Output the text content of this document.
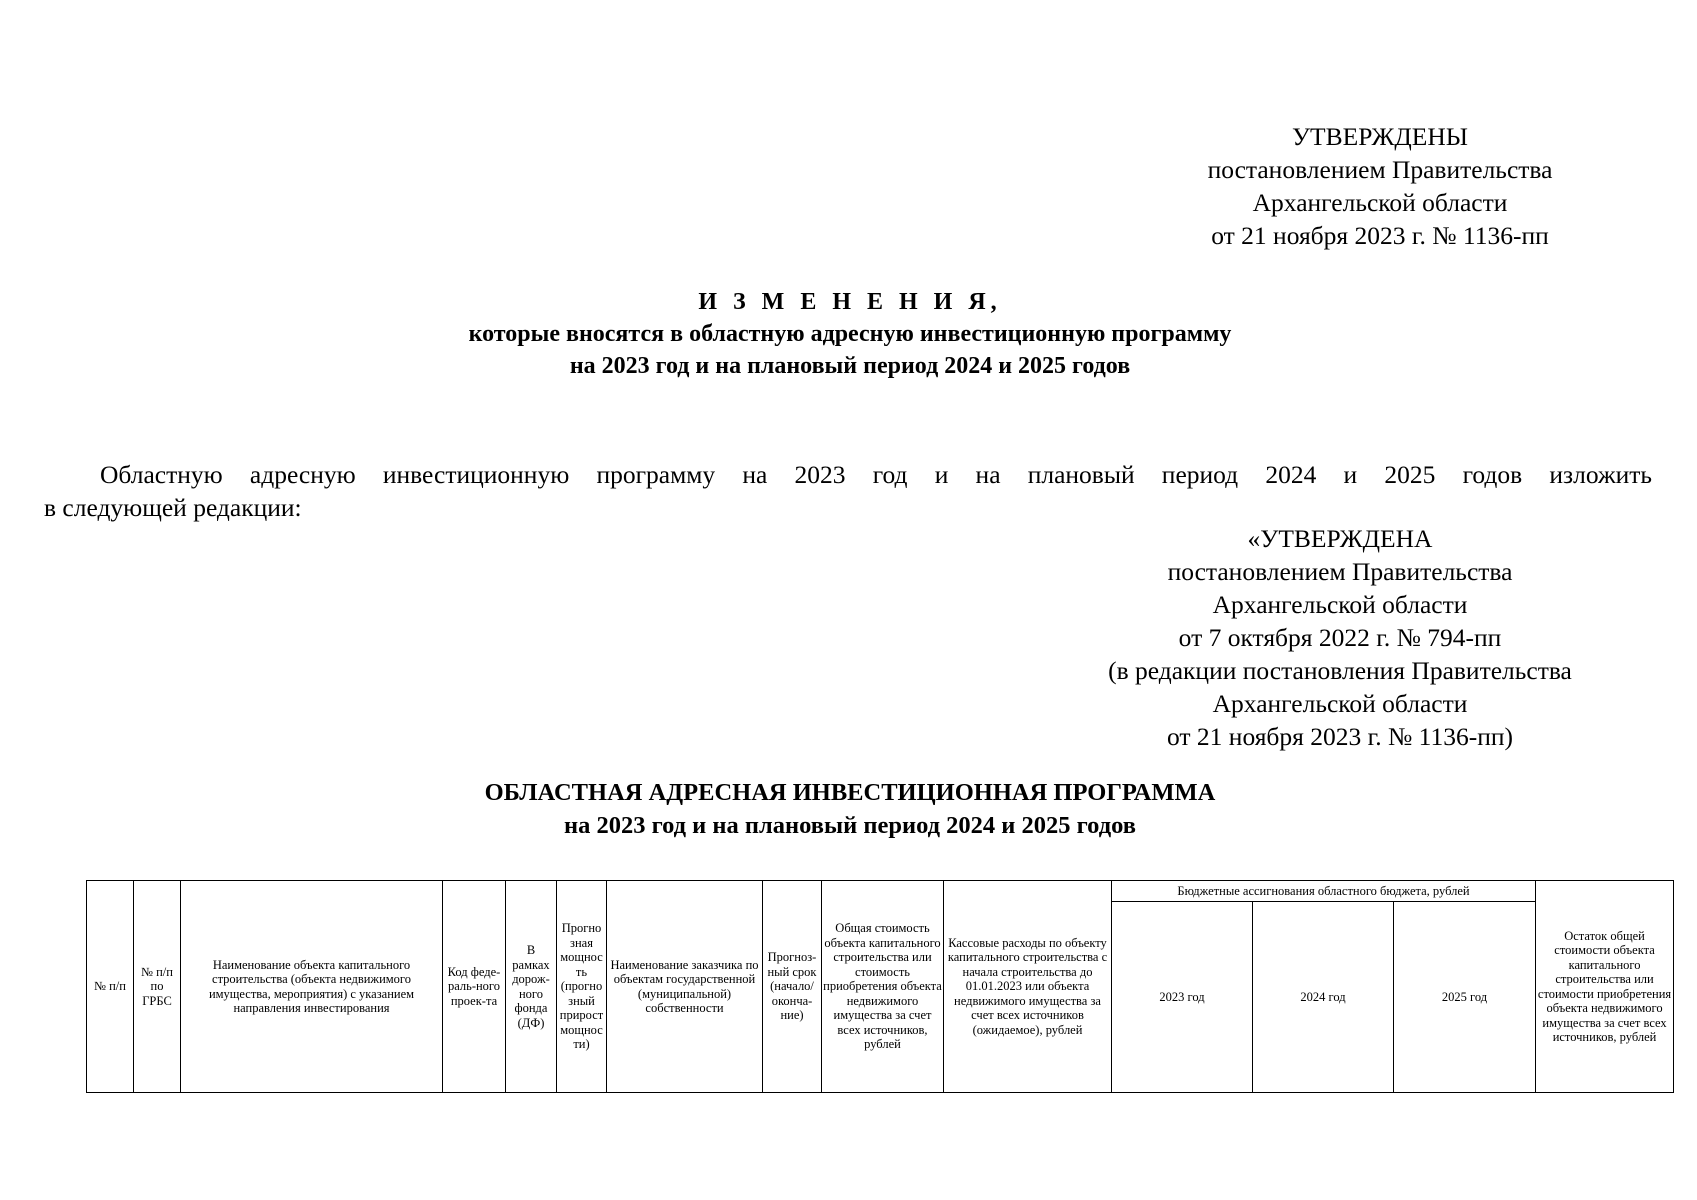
УТВЕРЖДЕНЫ
постановлением Правительства
Архангельской области
от 21 ноября 2023 г. № 1136-пп
И З М Е Н Е Н И Я,
которые вносятся в областную адресную инвестиционную программу
на 2023 год и на плановый период 2024 и 2025 годов
Областную адресную инвестиционную программу на 2023 год и на плановый период 2024 и 2025 годов изложить
в следующей редакции:
«УТВЕРЖДЕНА
постановлением Правительства
Архангельской области
от 7 октября 2022 г. № 794-пп
(в редакции постановления Правительства
Архангельской области
от 21 ноября 2023 г. № 1136-пп)
ОБЛАСТНАЯ АДРЕСНАЯ ИНВЕСТИЦИОННАЯ ПРОГРАММА
на 2023 год и на плановый период 2024 и 2025 годов
№ п/п	№ п/п по ГРБС	Наименование объекта капитального строительства (объекта недвижимого имущества, мероприятия) с указанием направления инвестирования	Код феде-раль-ного проек-та	В рамках дорож-ного фонда (ДФ)	Прогно зная мощнос ть (прогно зный прирост мощнос ти)	Наименование заказчика по объектам государственной (муниципальной) собственности	Прогноз-ный срок (начало/ оконча-ние)	Общая стоимость объекта капитального строительства или стоимость приобретения объекта недвижимого имущества за счет всех источников, рублей	Кассовые расходы по объекту капитального строительства с начала строительства до 01.01.2023 или объекта недвижимого имущества за счет всех источников (ожидаемое), рублей	Бюджетные ассигнования областного бюджета, рублей			Остаток общей стоимости объекта капитального строительства или стоимости приобретения объекта недвижимого имущества за счет всех источников, рублей
										2023 год	2024 год	2025 год	
